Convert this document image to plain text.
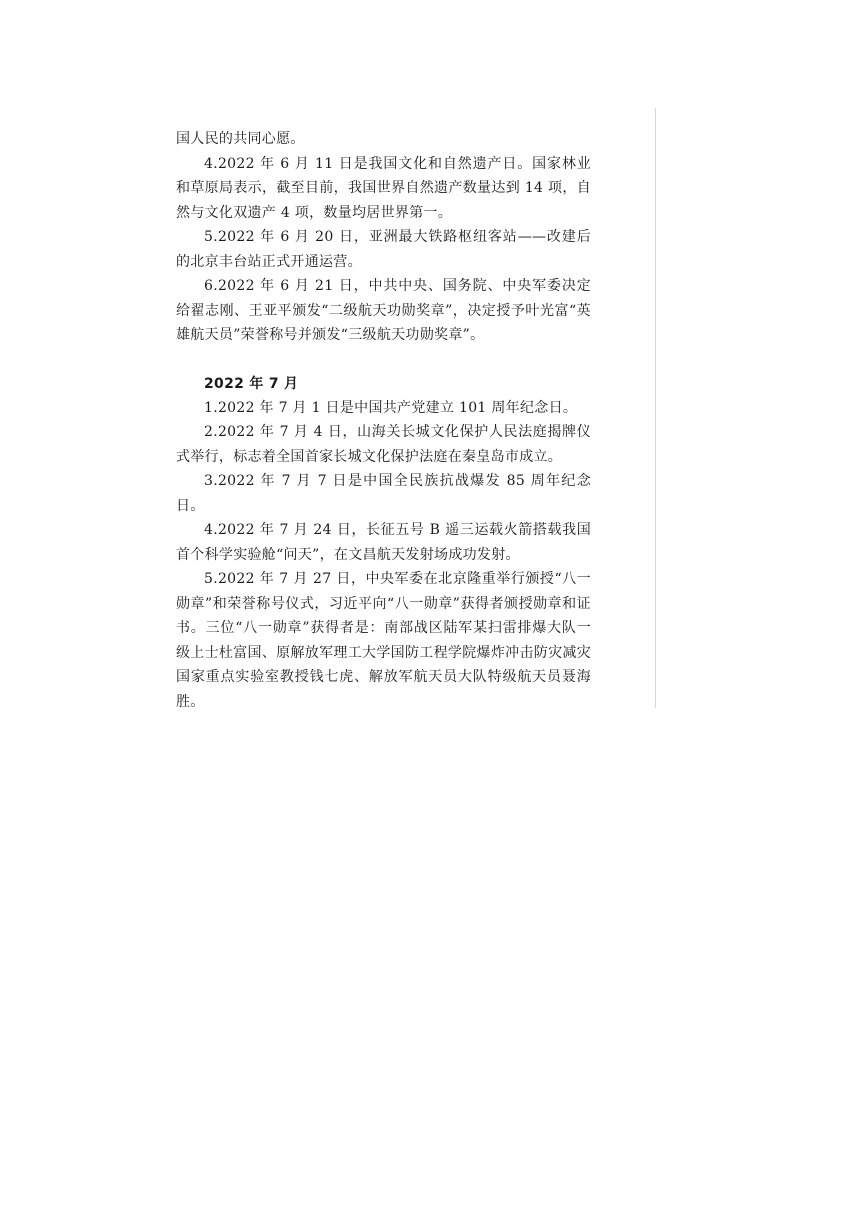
国人民的共同心愿。

4.2022 年 6 月 11 日是我国文化和自然遗产日。国家林业和草原局表示，截至目前，我国世界自然遗产数量达到 14 项，自然与文化双遗产 4 项，数量均居世界第一。

5.2022 年 6 月 20 日，亚洲最大铁路枢纽客站——改建后的北京丰台站正式开通运营。

6.2022 年 6 月 21 日，中共中央、国务院、中央军委决定给翟志刚、王亚平颁发“二级航天功勋奖章”，决定授予叶光富“英雄航天员”荣誉称号并颁发“三级航天功勋奖章”。

2022 年 7 月

1.2022 年 7 月 1 日是中国共产党建立 101 周年纪念日。

2.2022 年 7 月 4 日，山海关长城文化保护人民法庭揭牌仪式举行，标志着全国首家长城文化保护法庭在秦皇岛市成立。

3.2022 年 7 月 7 日是中国全民族抗战爆发 85 周年纪念日。

4.2022 年 7 月 24 日，长征五号 B 遥三运载火箭搭载我国首个科学实验舱“问天”，在文昌航天发射场成功发射。

5.2022 年 7 月 27 日，中央军委在北京隆重举行颁授“八一勋章”和荣誉称号仪式，习近平向“八一勋章”获得者颁授勋章和证书。三位“八一勋章”获得者是：南部战区陆军某扫雷排爆大队一级上士杜富国、原解放军理工大学国防工程学院爆炸冲击防灾减灾国家重点实验室教授钱七虎、解放军航天员大队特级航天员聂海胜。
